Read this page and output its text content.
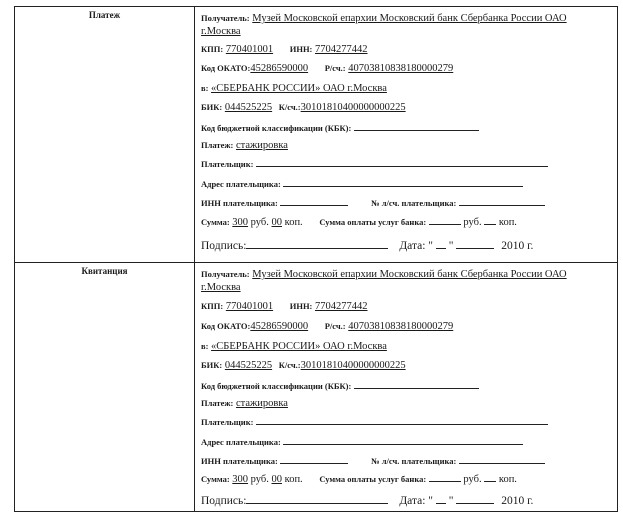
Платеж	Получатель: Музей Московской епархии Московский банк Сбербанка России ОАО
г.Москва
КПП: 770401001 ИНН: 7704277442
Код ОКАТО:45286590000 Р/сч.: 40703810838180000279
в: «СБЕРБАНК РОССИИ» ОАО г.Москва
БИК: 044525225 К/сч.:30101810400000000225
Код бюджетной классификации (КБК):
Платеж: стажировка
Плательщик:
Адрес плательщика:
ИНН плательщика:	№ л/сч. плательщика:
Сумма: 300 руб. 00 коп. Сумма оплаты услуг банка:	руб. коп.
Подпись:	Дата: " "	2010 г.
Квитанция	Получатель: Музей Московской епархии Московский банк Сбербанка России ОАО
г.Москва
КПП: 770401001 ИНН: 7704277442
Код ОКАТО:45286590000 Р/сч.: 40703810838180000279
в: «СБЕРБАНК РОССИИ» ОАО г.Москва
БИК: 044525225 К/сч.:30101810400000000225
Код бюджетной классификации (КБК):
Платеж: стажировка
Плательщик:
Адрес плательщика:
ИНН плательщика:	№ л/сч. плательщика:
Сумма: 300 руб. 00 коп. Сумма оплаты услуг банка:	руб. коп.
Подпись:	Дата: " "	2010 г.
